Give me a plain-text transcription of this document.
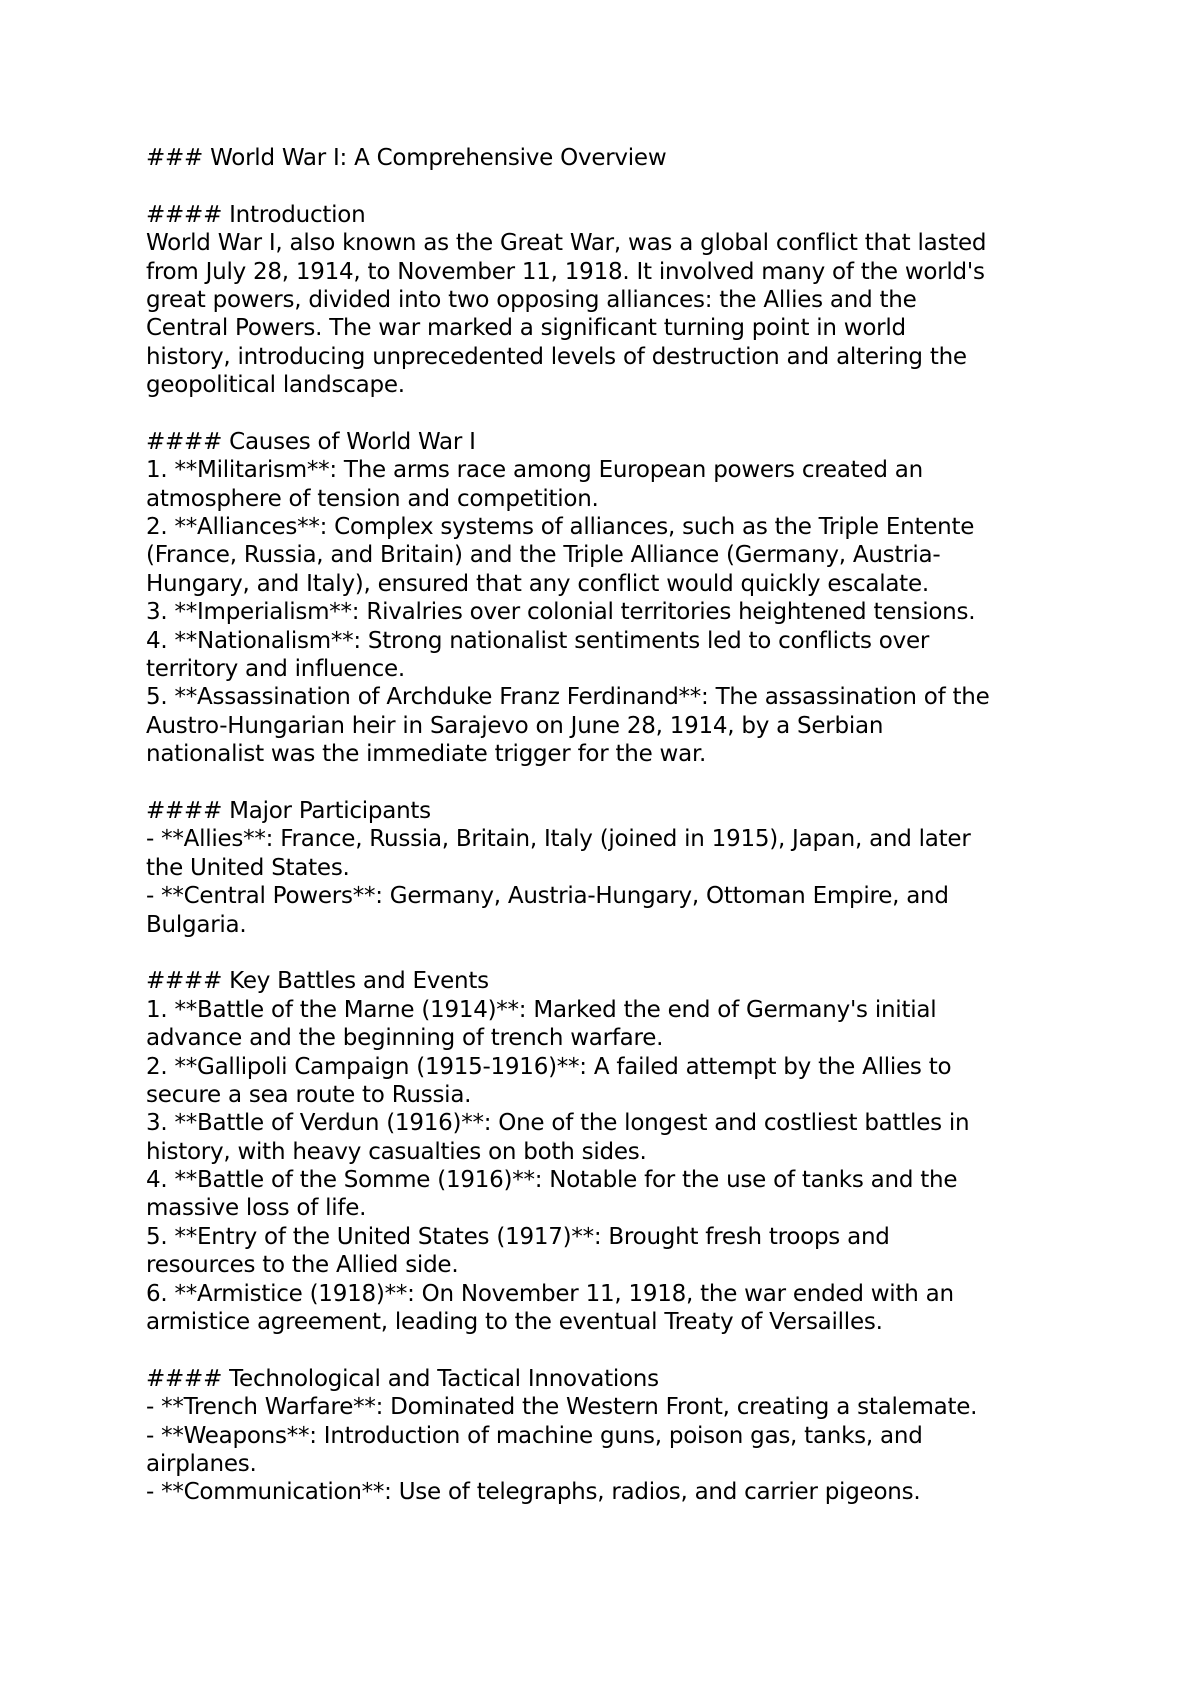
### World War I: A Comprehensive Overview
#### Introduction
World War I, also known as the Great War, was a global conflict that lasted
from July 28, 1914, to November 11, 1918. It involved many of the world's
great powers, divided into two opposing alliances: the Allies and the
Central Powers. The war marked a significant turning point in world
history, introducing unprecedented levels of destruction and altering the
geopolitical landscape.
#### Causes of World War I
1. **Militarism**: The arms race among European powers created an
atmosphere of tension and competition.
2. **Alliances**: Complex systems of alliances, such as the Triple Entente
(France, Russia, and Britain) and the Triple Alliance (Germany, Austria-
Hungary, and Italy), ensured that any conflict would quickly escalate.
3. **Imperialism**: Rivalries over colonial territories heightened tensions.
4. **Nationalism**: Strong nationalist sentiments led to conflicts over
territory and influence.
5. **Assassination of Archduke Franz Ferdinand**: The assassination of the
Austro-Hungarian heir in Sarajevo on June 28, 1914, by a Serbian
nationalist was the immediate trigger for the war.
#### Major Participants
- **Allies**: France, Russia, Britain, Italy (joined in 1915), Japan, and later
the United States.
- **Central Powers**: Germany, Austria-Hungary, Ottoman Empire, and
Bulgaria.
#### Key Battles and Events
1. **Battle of the Marne (1914)**: Marked the end of Germany's initial
advance and the beginning of trench warfare.
2. **Gallipoli Campaign (1915-1916)**: A failed attempt by the Allies to
secure a sea route to Russia.
3. **Battle of Verdun (1916)**: One of the longest and costliest battles in
history, with heavy casualties on both sides.
4. **Battle of the Somme (1916)**: Notable for the use of tanks and the
massive loss of life.
5. **Entry of the United States (1917)**: Brought fresh troops and
resources to the Allied side.
6. **Armistice (1918)**: On November 11, 1918, the war ended with an
armistice agreement, leading to the eventual Treaty of Versailles.
#### Technological and Tactical Innovations
- **Trench Warfare**: Dominated the Western Front, creating a stalemate.
- **Weapons**: Introduction of machine guns, poison gas, tanks, and
airplanes.
- **Communication**: Use of telegraphs, radios, and carrier pigeons.
